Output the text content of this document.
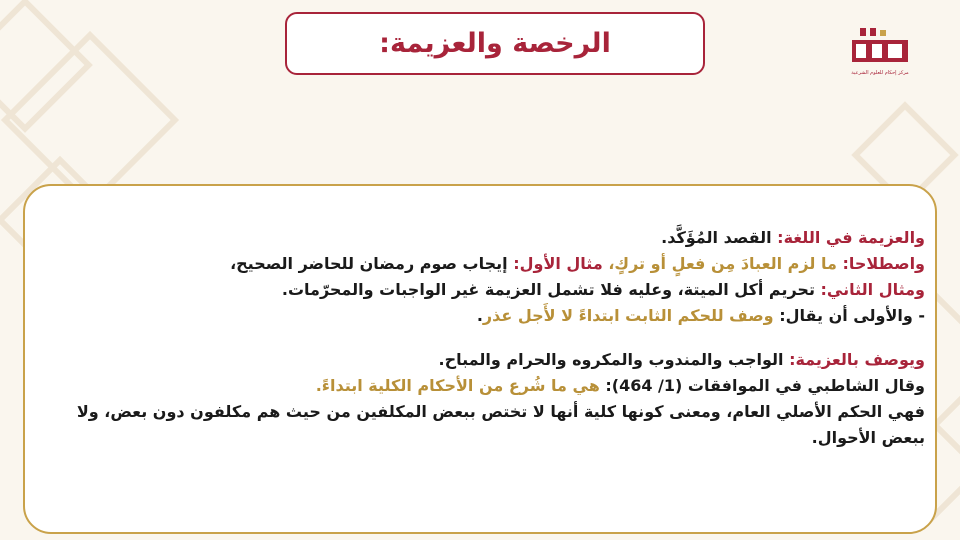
الرخصة والعزيمة:
مركز إحكام للعلوم الشرعية
والعزيمة في اللغة: القصد المُؤَكَّد.
واصطلاحا: ما لزم العبادَ مِن فعلٍ أو تركٍ، مثال الأول: إيجاب صوم رمضان للحاضر الصحيح،
ومثال الثاني: تحريم أكل الميتة، وعليه فلا تشمل العزيمة غير الواجبات والمحرّمات.
- والأولى أن يقال: وصف للحكم الثابت ابتداءً لا لأَجل عذر.
ويوصف بالعزيمة: الواجب والمندوب والمكروه والحرام والمباح.
وقال الشاطبي في الموافقات (1/ 464): هي ما شُرع من الأحكام الكلية ابتداءً.
فهي الحكم الأصلي العام، ومعنى كونها كلية أنها لا تختص ببعض المكلفين من حيث هم مكلفون دون بعض، ولا ببعض الأحوال.
